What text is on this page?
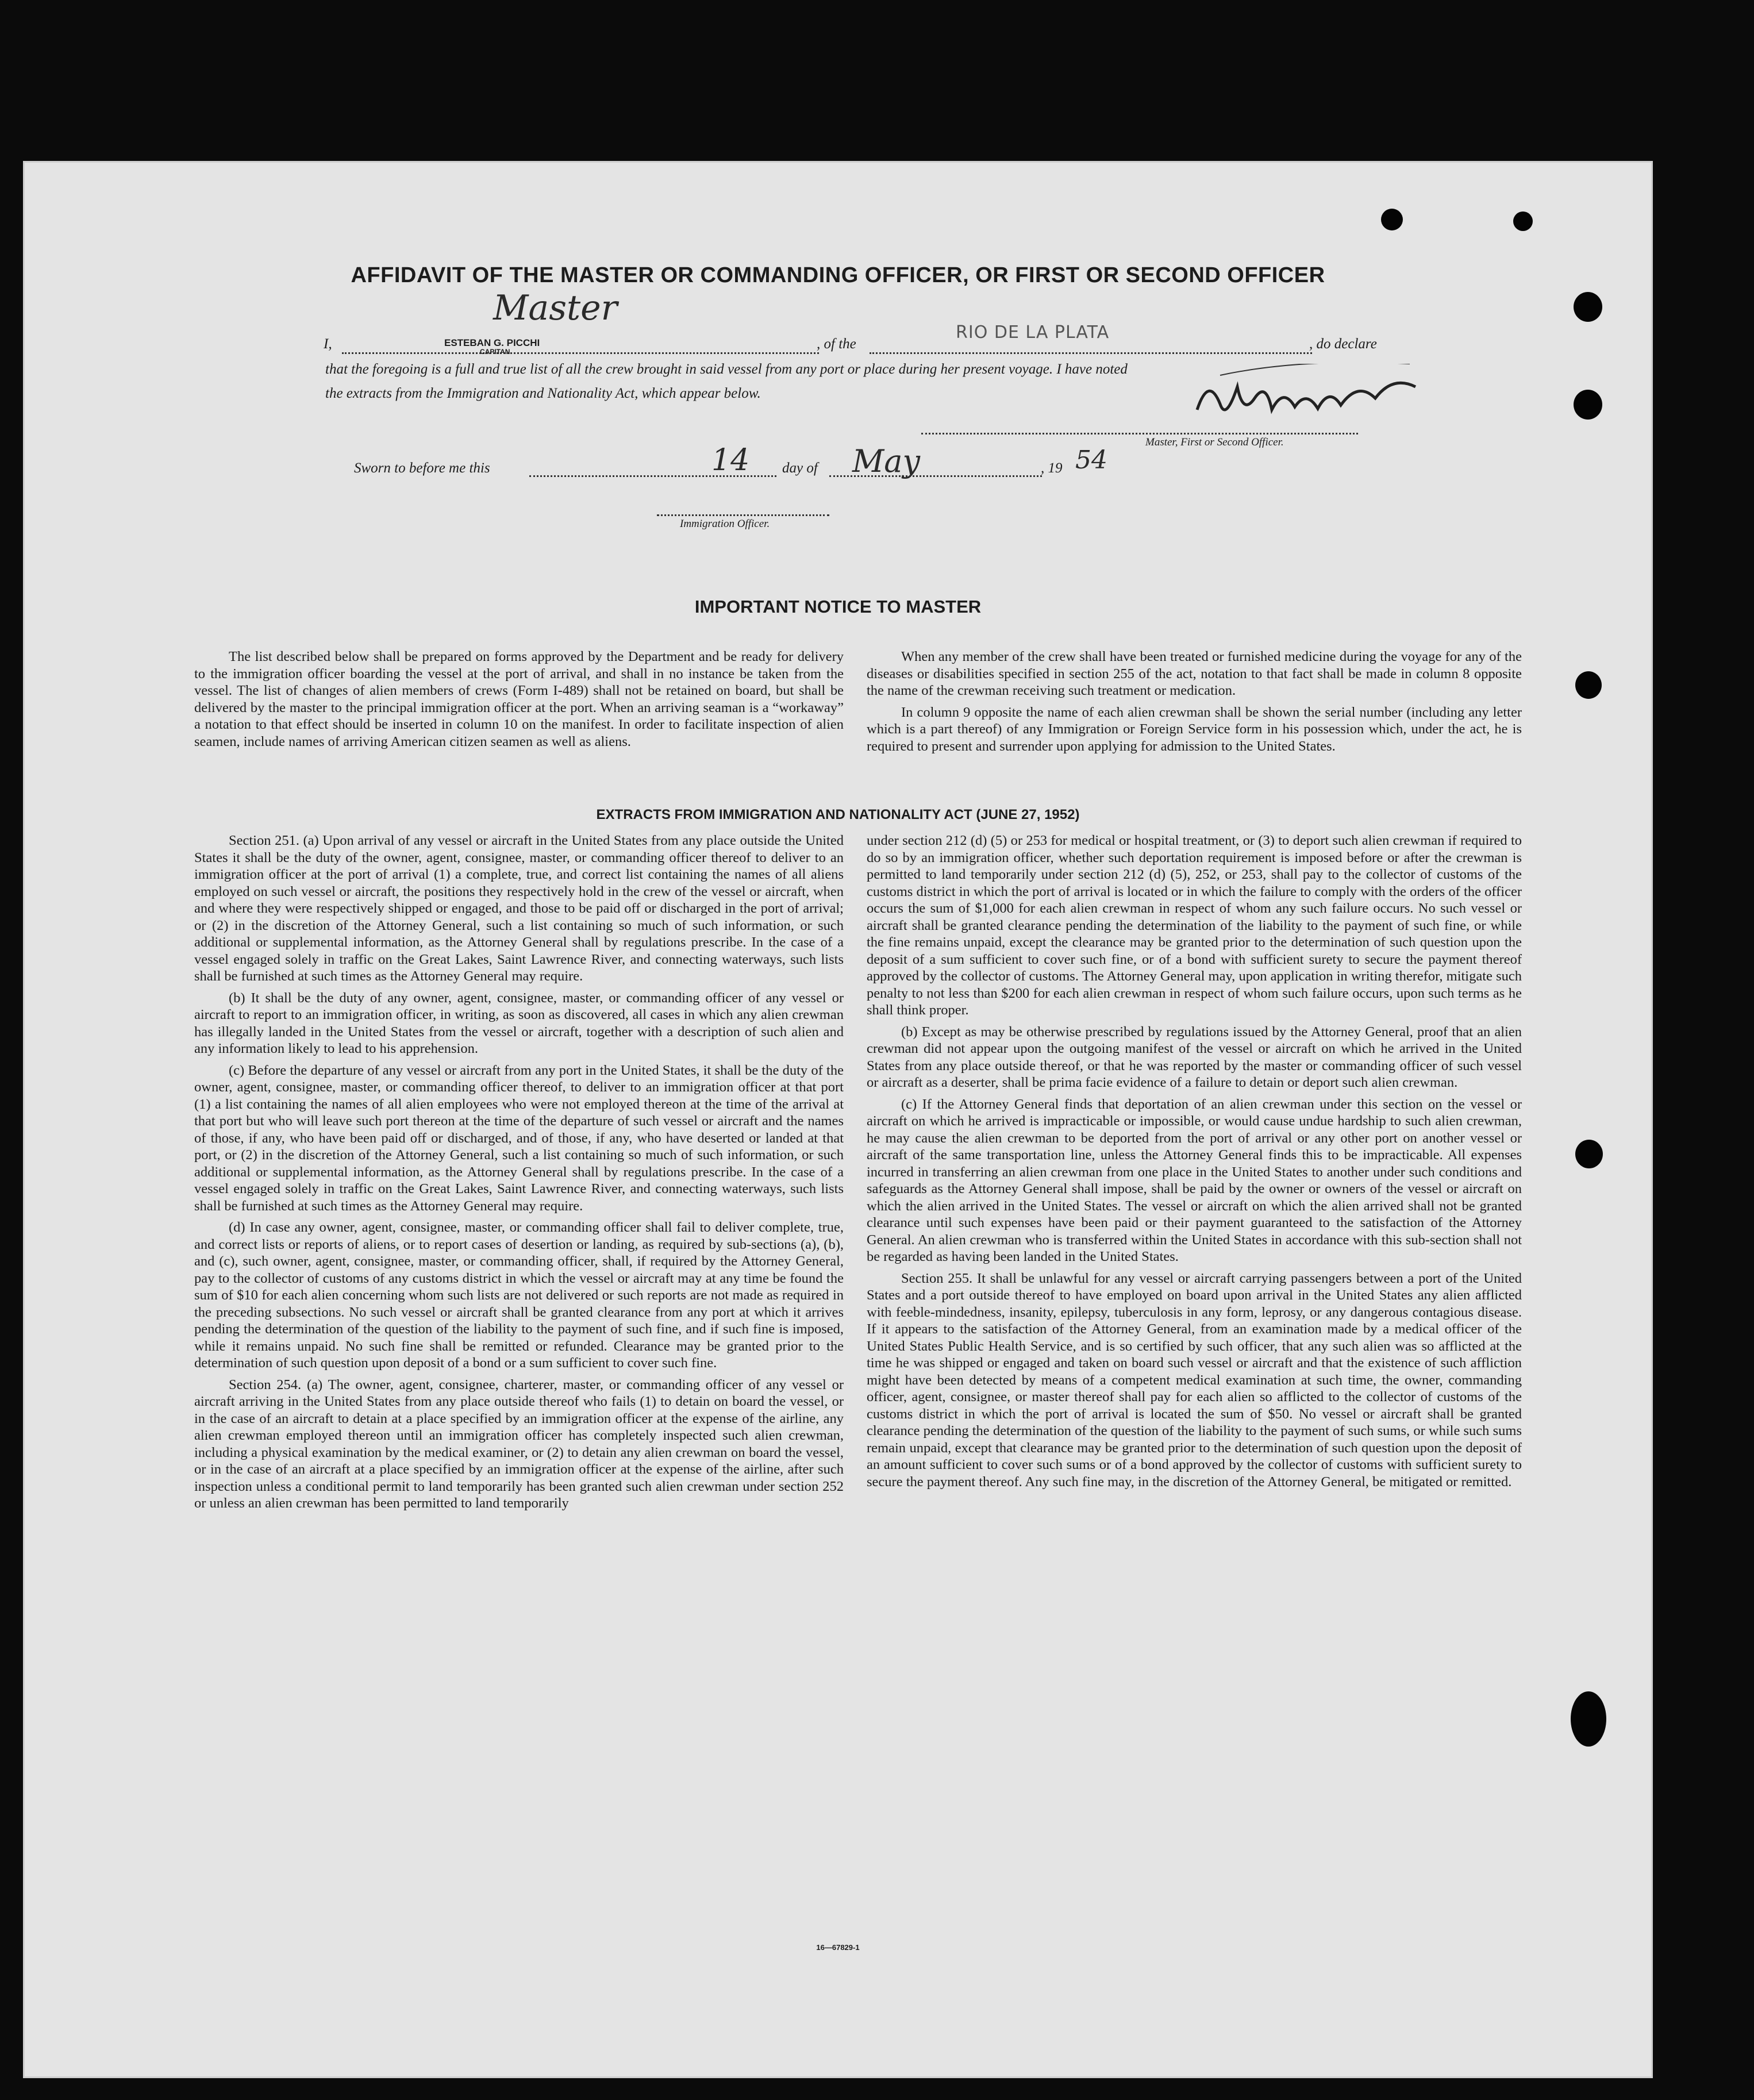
AFFIDAVIT OF THE MASTER OR COMMANDING OFFICER, OR FIRST OR SECOND OFFICER
I,
Master
ESTEBAN G. PICCHI
CAPITAN	, of the
RIO DE LA PLATA
, do declare
that the foregoing is a full and true list of all the crew brought in said vessel from any port or place during her present voyage. I have noted
the extracts from the Immigration and Nationality Act, which appear below.
Master, First or Second Officer.
Sworn to before me this	14 day of May	, 19 54
Immigration Officer.
IMPORTANT NOTICE TO MASTER

The list described below shall be prepared on forms approved by the Department and be ready for delivery to the immigration officer boarding the vessel at the port of arrival, and shall in no instance be taken from the vessel. The list of changes of alien members of crews (Form I-489) shall not be retained on board, but shall be delivered by the master to the principal immigration officer at the port. When an arriving seaman is a “workaway” a notation to that effect should be inserted in column 10 on the manifest. In order to facilitate inspection of alien seamen, include names of arriving American citizen seamen as well as aliens.

When any member of the crew shall have been treated or furnished medicine during the voyage for any of the diseases or disabilities specified in section 255 of the act, notation to that fact shall be made in column 8 opposite the name of the crewman receiving such treatment or medication.

In column 9 opposite the name of each alien crewman shall be shown the serial number (including any letter which is a part thereof) of any Immigration or Foreign Service form in his possession which, under the act, he is required to present and surrender upon applying for admission to the United States.

EXTRACTS FROM IMMIGRATION AND NATIONALITY ACT (JUNE 27, 1952)

Section 251. (a) Upon arrival of any vessel or aircraft in the United States from any place outside the United States it shall be the duty of the owner, agent, consignee, master, or commanding officer thereof to deliver to an immigration officer at the port of arrival (1) a complete, true, and correct list containing the names of all aliens employed on such vessel or aircraft, the positions they respectively hold in the crew of the vessel or aircraft, when and where they were respectively shipped or engaged, and those to be paid off or discharged in the port of arrival; or (2) in the discretion of the Attorney General, such a list containing so much of such information, or such additional or supplemental information, as the Attorney General shall by regulations prescribe. In the case of a vessel engaged solely in traffic on the Great Lakes, Saint Lawrence River, and connecting waterways, such lists shall be furnished at such times as the Attorney General may require.

(b) It shall be the duty of any owner, agent, consignee, master, or commanding officer of any vessel or aircraft to report to an immigration officer, in writing, as soon as discovered, all cases in which any alien crewman has illegally landed in the United States from the vessel or aircraft, together with a description of such alien and any information likely to lead to his apprehension.

(c) Before the departure of any vessel or aircraft from any port in the United States, it shall be the duty of the owner, agent, consignee, master, or commanding officer thereof, to deliver to an immigration officer at that port (1) a list containing the names of all alien employees who were not employed thereon at the time of the arrival at that port but who will leave such port thereon at the time of the departure of such vessel or aircraft and the names of those, if any, who have been paid off or discharged, and of those, if any, who have deserted or landed at that port, or (2) in the discretion of the Attorney General, such a list containing so much of such information, or such additional or supplemental information, as the Attorney General shall by regulations prescribe. In the case of a vessel engaged solely in traffic on the Great Lakes, Saint Lawrence River, and connecting waterways, such lists shall be furnished at such times as the Attorney General may require.

(d) In case any owner, agent, consignee, master, or commanding officer shall fail to deliver complete, true, and correct lists or reports of aliens, or to report cases of desertion or landing, as required by sub-sections (a), (b), and (c), such owner, agent, consignee, master, or commanding officer, shall, if required by the Attorney General, pay to the collector of customs of any customs district in which the vessel or aircraft may at any time be found the sum of $10 for each alien concerning whom such lists are not delivered or such reports are not made as required in the preceding subsections. No such vessel or aircraft shall be granted clearance from any port at which it arrives pending the determination of the question of the liability to the payment of such fine, and if such fine is imposed, while it remains unpaid. No such fine shall be remitted or refunded. Clearance may be granted prior to the determination of such question upon deposit of a bond or a sum sufficient to cover such fine.

Section 254. (a) The owner, agent, consignee, charterer, master, or commanding officer of any vessel or aircraft arriving in the United States from any place outside thereof who fails (1) to detain on board the vessel, or in the case of an aircraft to detain at a place specified by an immigration officer at the expense of the airline, any alien crewman employed thereon until an immigration officer has completely inspected such alien crewman, including a physical examination by the medical examiner, or (2) to detain any alien crewman on board the vessel, or in the case of an aircraft at a place specified by an immigration officer at the expense of the airline, after such inspection unless a conditional permit to land temporarily has been granted such alien crewman under section 252 or unless an alien crewman has been permitted to land temporarily

under section 212 (d) (5) or 253 for medical or hospital treatment, or (3) to deport such alien crewman if required to do so by an immigration officer, whether such deportation requirement is imposed before or after the crewman is permitted to land temporarily under section 212 (d) (5), 252, or 253, shall pay to the collector of customs of the customs district in which the port of arrival is located or in which the failure to comply with the orders of the officer occurs the sum of $1,000 for each alien crewman in respect of whom any such failure occurs. No such vessel or aircraft shall be granted clearance pending the determination of the liability to the payment of such fine, or while the fine remains unpaid, except the clearance may be granted prior to the determination of such question upon the deposit of a sum sufficient to cover such fine, or of a bond with sufficient surety to secure the payment thereof approved by the collector of customs. The Attorney General may, upon application in writing therefor, mitigate such penalty to not less than $200 for each alien crewman in respect of whom such failure occurs, upon such terms as he shall think proper.

(b) Except as may be otherwise prescribed by regulations issued by the Attorney General, proof that an alien crewman did not appear upon the outgoing manifest of the vessel or aircraft on which he arrived in the United States from any place outside thereof, or that he was reported by the master or commanding officer of such vessel or aircraft as a deserter, shall be prima facie evidence of a failure to detain or deport such alien crewman.

(c) If the Attorney General finds that deportation of an alien crewman under this section on the vessel or aircraft on which he arrived is impracticable or impossible, or would cause undue hardship to such alien crewman, he may cause the alien crewman to be deported from the port of arrival or any other port on another vessel or aircraft of the same transportation line, unless the Attorney General finds this to be impracticable. All expenses incurred in transferring an alien crewman from one place in the United States to another under such conditions and safeguards as the Attorney General shall impose, shall be paid by the owner or owners of the vessel or aircraft on which the alien arrived in the United States. The vessel or aircraft on which the alien arrived shall not be granted clearance until such expenses have been paid or their payment guaranteed to the satisfaction of the Attorney General. An alien crewman who is transferred within the United States in accordance with this sub-section shall not be regarded as having been landed in the United States.

Section 255. It shall be unlawful for any vessel or aircraft carrying passengers between a port of the United States and a port outside thereof to have employed on board upon arrival in the United States any alien afflicted with feeble-mindedness, insanity, epilepsy, tuberculosis in any form, leprosy, or any dangerous contagious disease. If it appears to the satisfaction of the Attorney General, from an examination made by a medical officer of the United States Public Health Service, and is so certified by such officer, that any such alien was so afflicted at the time he was shipped or engaged and taken on board such vessel or aircraft and that the existence of such affliction might have been detected by means of a competent medical examination at such time, the owner, commanding officer, agent, consignee, or master thereof shall pay for each alien so afflicted to the collector of customs of the customs district in which the port of arrival is located the sum of $50. No vessel or aircraft shall be granted clearance pending the determination of the question of the liability to the payment of such sums, or while such sums remain unpaid, except that clearance may be granted prior to the determination of such question upon the deposit of an amount sufficient to cover such sums or of a bond approved by the collector of customs with sufficient surety to secure the payment thereof. Any such fine may, in the discretion of the Attorney General, be mitigated or remitted.

16—67829-1
